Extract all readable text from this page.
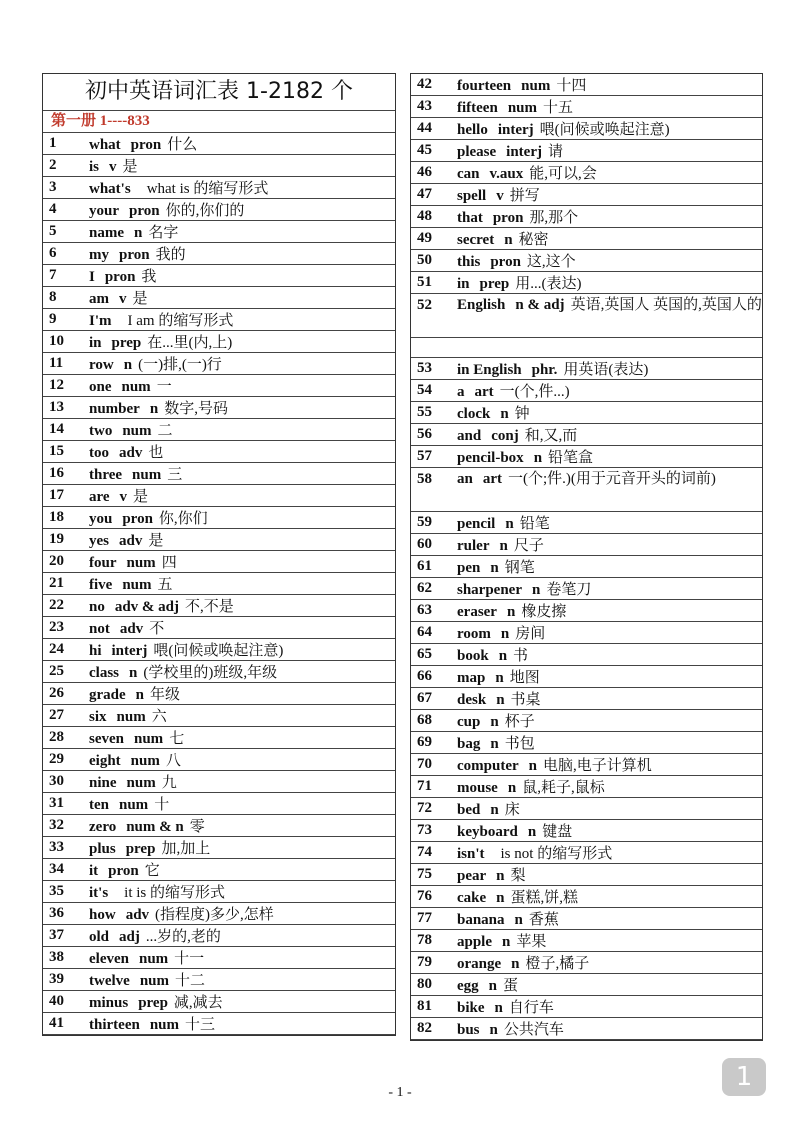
初中英语词汇表 1-2182 个
第一册 1----833
1	what pron 什么
2	is v 是
3	what's what is 的缩写形式
4	your pron 你的,你们的
5	name n 名字
6	my pron 我的
7	I pron 我
8	am v 是
9	I'm I am 的缩写形式
10	in prep 在...里(内,上)
11	row n (一)排,(一)行
12	one num 一
13	number n 数字,号码
14	two num 二
15	too adv 也
16	three num 三
17	are v 是
18	you pron 你,你们
19	yes adv 是
20	four num 四
21	five num 五
22	no adv & adj 不,不是
23	not adv 不
24	hi interj 喂(问候或唤起注意)
25	class n (学校里的)班级,年级
26	grade n 年级
27	six num 六
28	seven num 七
29	eight num 八
30	nine num 九
31	ten num 十
32	zero num & n 零
33	plus prep 加,加上
34	it pron 它
35	it's it is 的缩写形式
36	how adv (指程度)多少,怎样
37	old adj ...岁的,老的
38	eleven num 十一
39	twelve num 十二
40	minus prep 减,减去
41	thirteen num 十三
42	fourteen num 十四
43	fifteen num 十五
44	hello interj 喂(问候或唤起注意)
45	please interj 请
46	can v.aux 能,可以,会
47	spell v 拼写
48	that pron 那,那个
49	secret n 秘密
50	this pron 这,这个
51	in prep 用...(表达)
52	English n & adj 英语,英国人 英国的,英国人的

53	in English phr. 用英语(表达)
54	a art 一(个,件...)
55	clock n 钟
56	and conj 和,又,而
57	pencil-box n 铅笔盒
58	an art 一(个;件.)(用于元音开头的词前)
59	pencil n 铅笔
60	ruler n 尺子
61	pen n 钢笔
62	sharpener n 卷笔刀
63	eraser n 橡皮擦
64	room n 房间
65	book n 书
66	map n 地图
67	desk n 书桌
68	cup n 杯子
69	bag n 书包
70	computer n 电脑,电子计算机
71	mouse n 鼠,耗子,鼠标
72	bed n 床
73	keyboard n 键盘
74	isn't is not 的缩写形式
75	pear n 梨
76	cake n 蛋糕,饼,糕
77	banana n 香蕉
78	apple n 苹果
79	orange n 橙子,橘子
80	egg n 蛋
81	bike n 自行车
82	bus n 公共汽车
- 1 -
1
